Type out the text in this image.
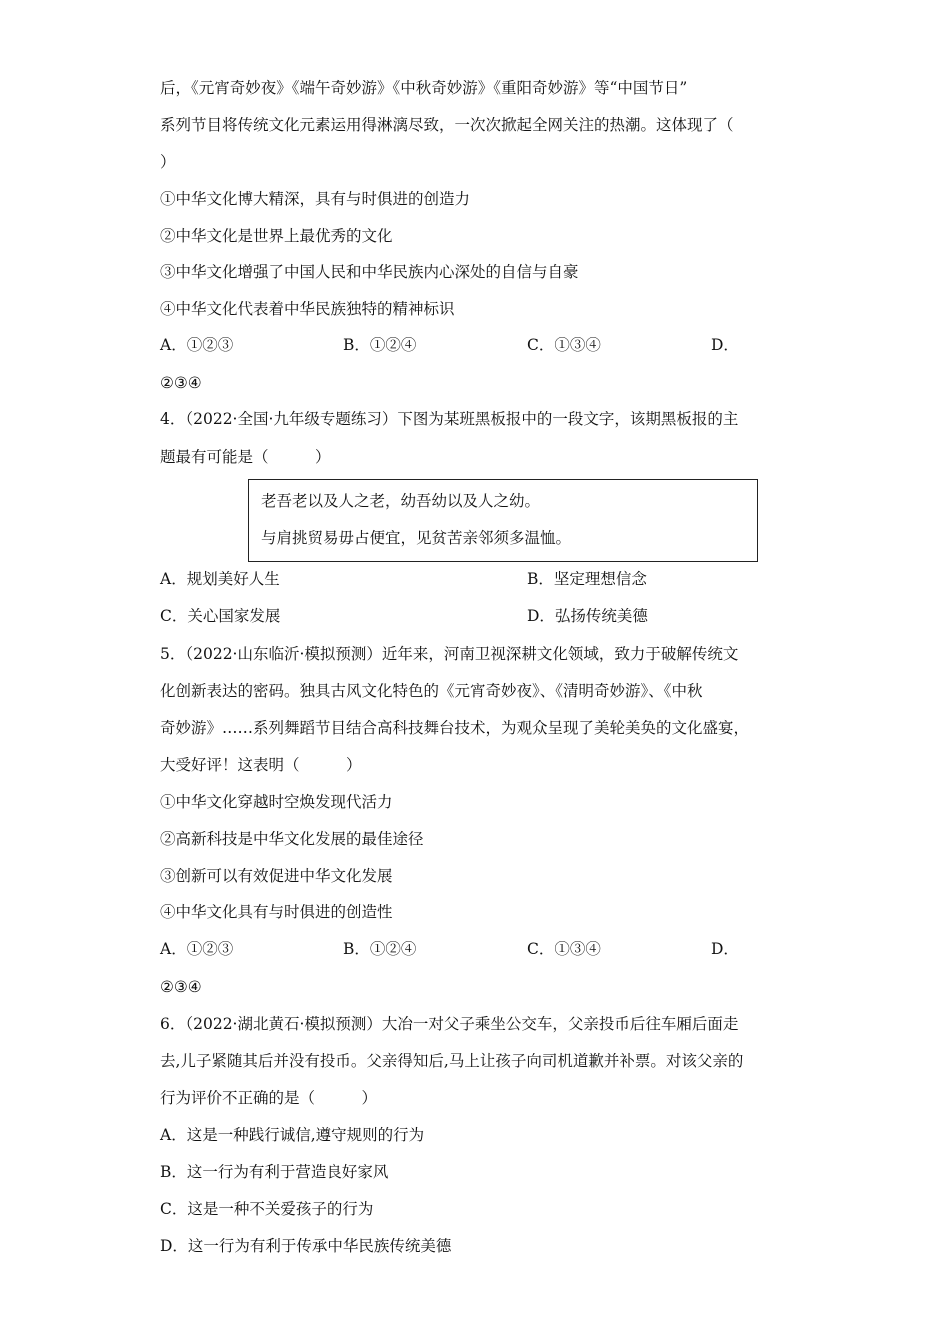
后，《元宵奇妙夜》《端午奇妙游》《中秋奇妙游》《重阳奇妙游》等“中国节日”
系列节目将传统文化元素运用得淋漓尽致，一次次掀起全网关注的热潮。这体现了（
）
①中华文化博大精深，具有与时俱进的创造力
②中华文化是世界上最优秀的文化
③中华文化增强了中国人民和中华民族内心深处的自信与自豪
④中华文化代表着中华民族独特的精神标识
A．①②③	B．①②④	C．①③④	D．
②③④
4．（2022·全国·九年级专题练习）下图为某班黑板报中的一段文字，该期黑板报的主
题最有可能是（　　　）
老吾老以及人之老，幼吾幼以及人之幼。
与肩挑贸易毋占便宜，见贫苦亲邻须多温恤。
A．规划美好人生	B．坚定理想信念
C．关心国家发展	D．弘扬传统美德
5．（2022·山东临沂·模拟预测）近年来，河南卫视深耕文化领域，致力于破解传统文
化创新表达的密码。独具古风文化特色的《元宵奇妙夜》、《清明奇妙游》、《中秋
奇妙游》……系列舞蹈节目结合高科技舞台技术，为观众呈现了美轮美奂的文化盛宴，
大受好评！这表明（　　　）
①中华文化穿越时空焕发现代活力
②高新科技是中华文化发展的最佳途径
③创新可以有效促进中华文化发展
④中华文化具有与时俱进的创造性
A．①②③	B．①②④	C．①③④	D．
②③④
6．（2022·湖北黄石·模拟预测）大冶一对父子乘坐公交车，父亲投币后往车厢后面走
去,儿子紧随其后并没有投币。父亲得知后,马上让孩子向司机道歉并补票。对该父亲的
行为评价不正确的是（　　　）
A．这是一种践行诚信,遵守规则的行为
B．这一行为有利于营造良好家风
C．这是一种不关爱孩子的行为
D．这一行为有利于传承中华民族传统美德
